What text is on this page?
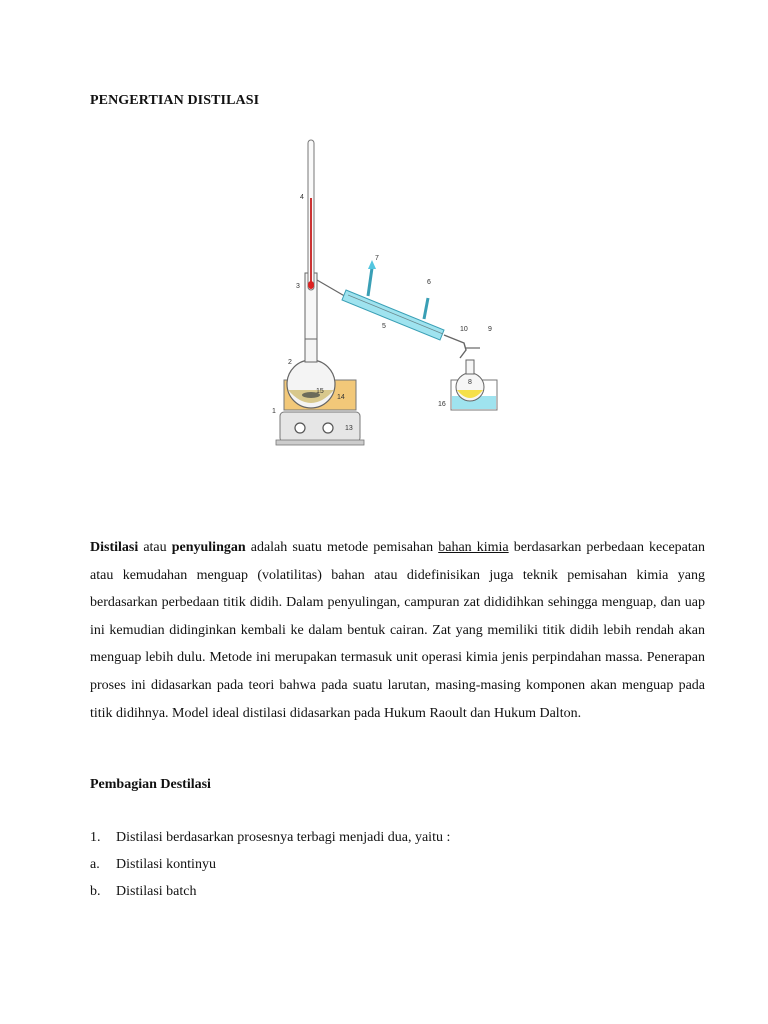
PENGERTIAN DISTILASI
1
2
3
4
5
6
7
8
9
10
13
14
15
16

Distilasi atau penyulingan adalah suatu metode pemisahan bahan kimia berdasarkan perbedaan kecepatan atau kemudahan menguap (volatilitas) bahan atau didefinisikan juga teknik pemisahan kimia yang berdasarkan perbedaan titik didih. Dalam penyulingan, campuran zat dididihkan sehingga menguap, dan uap ini kemudian didinginkan kembali ke dalam bentuk cairan. Zat yang memiliki titik didih lebih rendah akan menguap lebih dulu. Metode ini merupakan termasuk unit operasi kimia jenis perpindahan massa. Penerapan proses ini didasarkan pada teori bahwa pada suatu larutan, masing-masing komponen akan menguap pada titik didihnya. Model ideal distilasi didasarkan pada Hukum Raoult dan Hukum Dalton.

Pembagian Destilasi
1. Distilasi berdasarkan prosesnya terbagi menjadi dua, yaitu :
a. Distilasi kontinyu
b. Distilasi batch
